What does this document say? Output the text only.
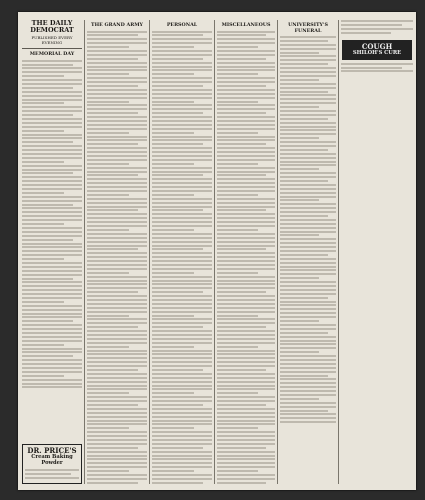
THE DAILY DEMOCRAT
PUBLISHED EVERY EVENING
MEMORIAL DAY
DR. PRICE'S
Cream Baking Powder
THE GRAND ARMY	PERSONAL	MISCELLANEOUS	UNIVERSITY'S FUNERAL
COUGH
SHILOH'S CURE
